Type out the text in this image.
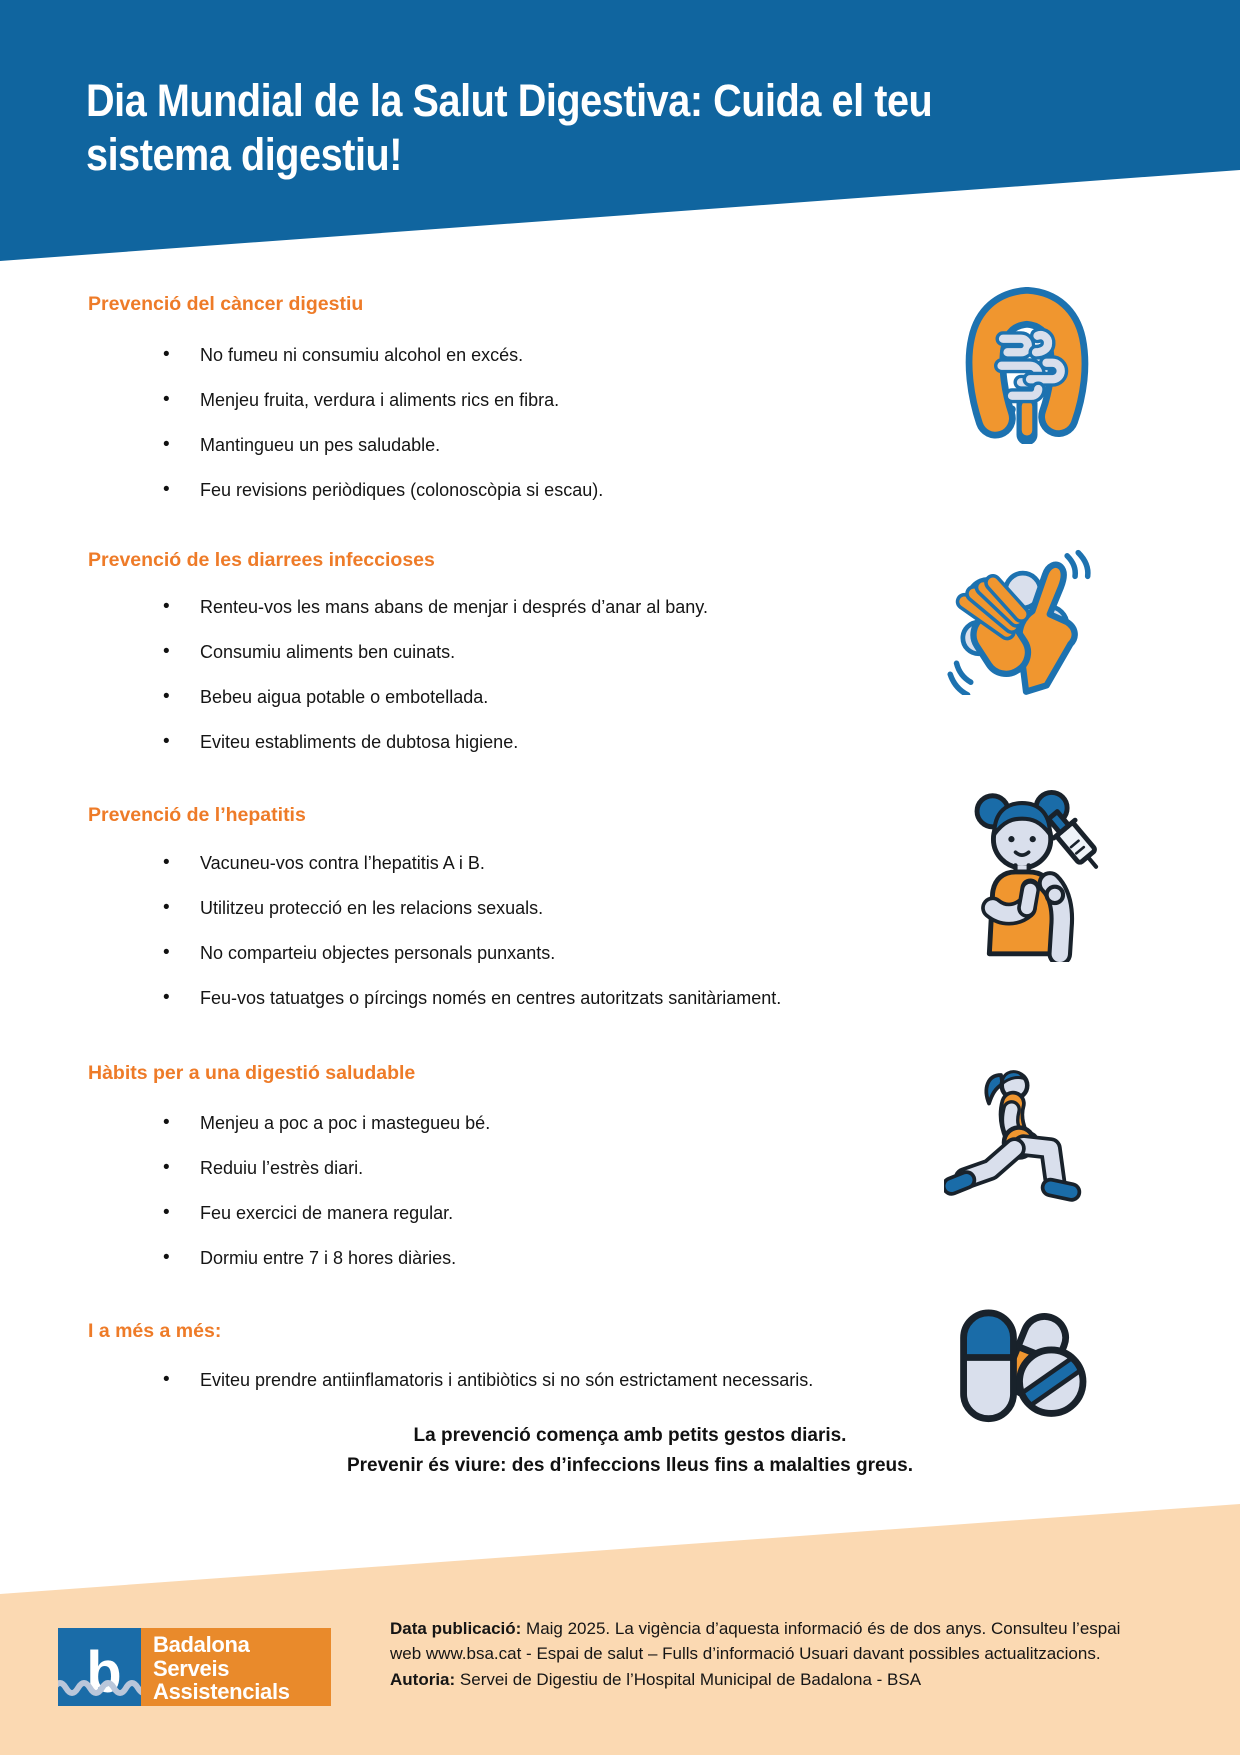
Dia Mundial de la Salut Digestiva: Cuida el teu
sistema digestiu!
Prevenció del càncer digestiu
• No fumeu ni consumiu alcohol en excés.
• Menjeu fruita, verdura i aliments rics en fibra.
• Mantingueu un pes saludable.
• Feu revisions periòdiques (colonoscòpia si escau).
Prevenció de les diarrees infeccioses
• Renteu-vos les mans abans de menjar i després d’anar al bany.
• Consumiu aliments ben cuinats.
• Bebeu aigua potable o embotellada.
• Eviteu establiments de dubtosa higiene.
Prevenció de l’hepatitis
• Vacuneu-vos contra l’hepatitis A i B.
• Utilitzeu protecció en les relacions sexuals.
• No comparteiu objectes personals punxants.
• Feu-vos tatuatges o pírcings només en centres autoritzats sanitàriament.
Hàbits per a una digestió saludable
• Menjeu a poc a poc i mastegueu bé.
• Reduiu l’estrès diari.
• Feu exercici de manera regular.
• Dormiu entre 7 i 8 hores diàries.
I a més a més:
• Eviteu prendre antiinflamatoris i antibiòtics si no són estrictament necessaris.
La prevenció comença amb petits gestos diaris.
Prevenir és viure: des d’infeccions lleus fins a malalties greus.
b	Badalona
Serveis
Assistencials
Data publicació: Maig 2025. La vigència d’aquesta informació és de dos anys. Consulteu l’espai
web www.bsa.cat - Espai de salut – Fulls d’informació Usuari davant possibles actualitzacions.
Autoria: Servei de Digestiu de l’Hospital Municipal de Badalona - BSA
